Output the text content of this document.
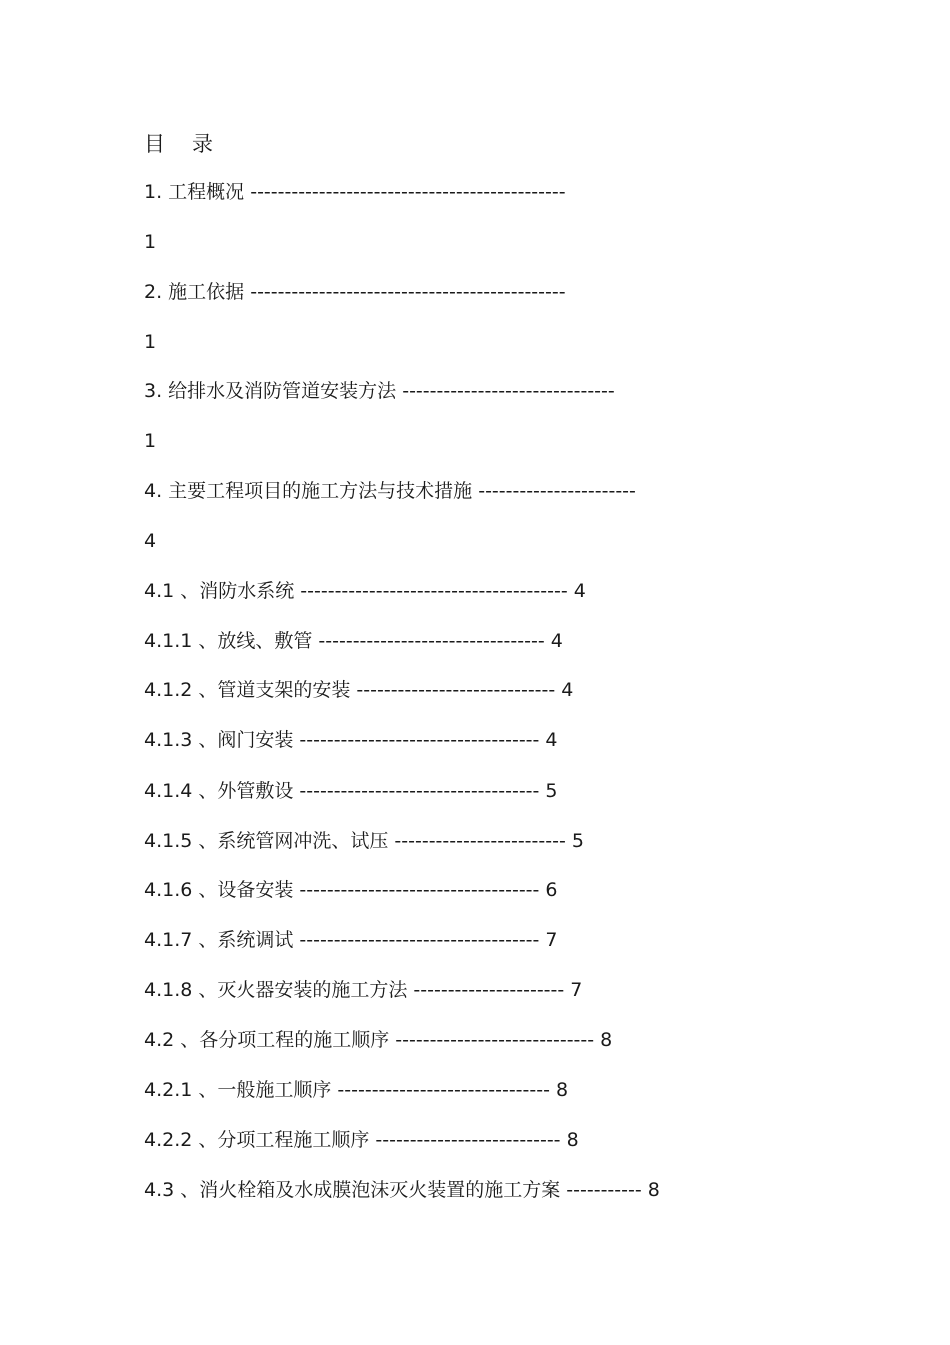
目录
1. 工程概况 ----------------------------------------------
1
2. 施工依据 ----------------------------------------------
1
3. 给排水及消防管道安装方法 -------------------------------
1
4. 主要工程项目的施工方法与技术措施 -----------------------
4
4.1 、消防水系统 --------------------------------------- 4
4.1.1 、放线、敷管 --------------------------------- 4
4.1.2 、管道支架的安装 ----------------------------- 4
4.1.3 、阀门安装 ----------------------------------- 4
4.1.4 、外管敷设 ----------------------------------- 5
4.1.5 、系统管网冲洗、试压 ------------------------- 5
4.1.6 、设备安装 ----------------------------------- 6
4.1.7 、系统调试 ----------------------------------- 7
4.1.8 、灭火器安装的施工方法 ---------------------- 7
4.2 、各分项工程的施工顺序 ----------------------------- 8
4.2.1 、一般施工顺序 ------------------------------- 8
4.2.2 、分项工程施工顺序 --------------------------- 8
4.3 、消火栓箱及水成膜泡沫灭火装置的施工方案 ----------- 8
